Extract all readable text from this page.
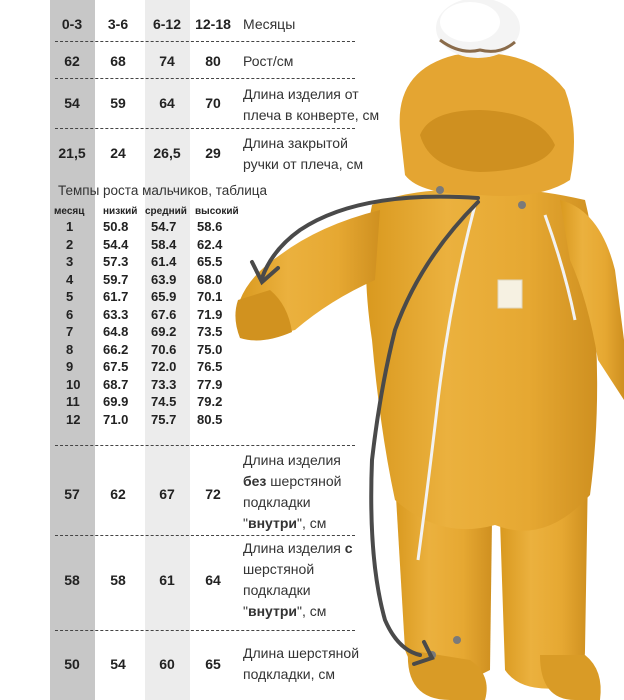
0-3	3-6	6-12	12-18 Месяцы
62	68	74	80	Рост/см
54	59	64	70
Длина изделия от
плеча в конверте, см
21,5	24	26,5	29
Длина закрытой
ручки от плеча, см
Темпы роста мальчиков, таблица
месяц низкий средний высокий
1 50.8 54.7 58.6
2 54.4 58.4 62.4
3 57.3 61.4 65.5
4 59.7 63.9 68.0
5 61.7 65.9 70.1
6 63.3 67.6 71.9
7 64.8 69.2 73.5
8 66.2 70.6 75.0
9 67.5 72.0 76.5
10 68.7 73.3 77.9
11 69.9 74.5 79.2
12 71.0 75.7 80.5
57	62	67	72
Длина изделия
без шерстяной
подкладки
"внутри", см
58	58	61	64
Длина изделия с
шерстяной
подкладки
"внутри", см
50	54	60	65
Длина шерстяной
подкладки, см
